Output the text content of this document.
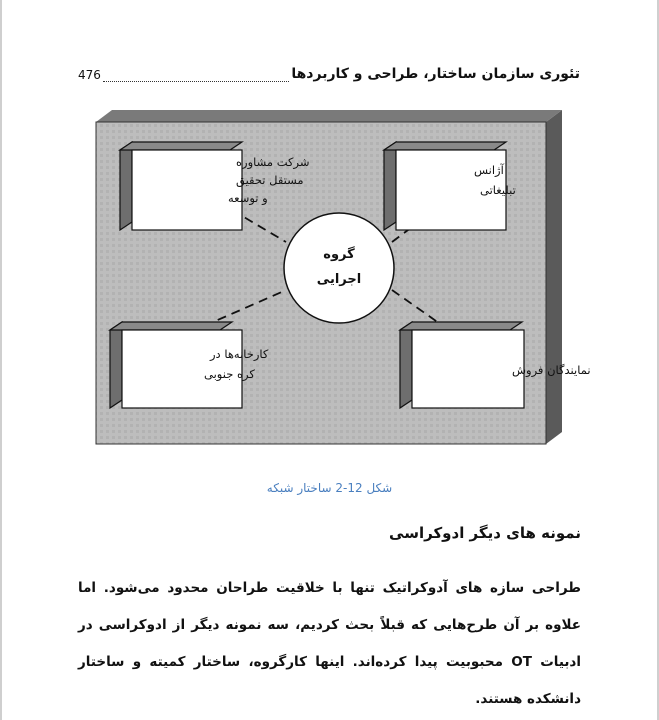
تئوری سازمان ساختار، طراحی و کاربردها
476
شرکت مشاوره
مستقل تحقیق
و توسعه
آژانس
تبلیغاتی
کارخانه‌ها در
کره جنوبی	نمایندگان فروش
گروه
اجرایی
شکل 12-2 ساختار شبکه
نمونه های دیگر ادوکراسی

طراحی سازه های آدوکراتیک تنها با خلاقیت طراحان محدود می‌شود. اما علاوه بر آن طرح‌هایی که قبلاً بحث کردیم، سه نمونه دیگر از ادوکراسی در ادبیات OT محبوبیت پیدا کرده‌اند. اینها کارگروه، ساختار کمیته و ساختار دانشکده هستند.
